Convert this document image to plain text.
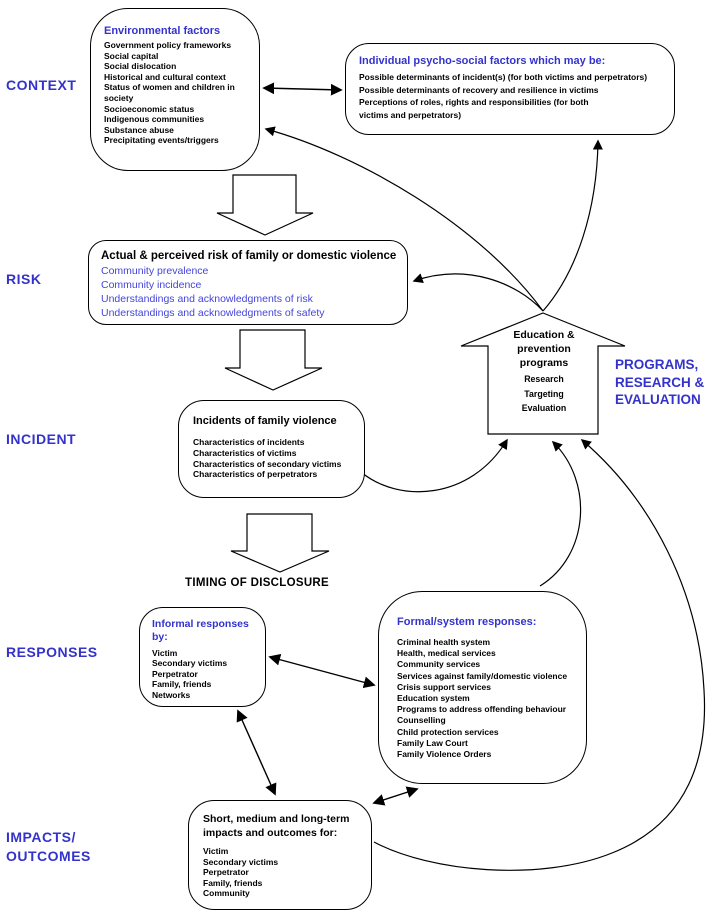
CONTEXT
RISK
INCIDENT
RESPONSES
IMPACTS/
OUTCOMES
Environmental factors
Government policy frameworks
Social capital
Social dislocation
Historical and cultural context
Status of women and children in society
Socioeconomic status
Indigenous communities
Substance abuse
Precipitating events/triggers
Individual psycho-social factors which may be:
Possible determinants of incident(s) (for both victims and perpetrators)
Possible determinants of recovery and resilience in victims
Perceptions of roles, rights and responsibilities (for both
victims and perpetrators)
Actual & perceived risk of family or domestic violence
Community prevalence
Community incidence
Understandings and acknowledgments of risk
Understandings and acknowledgments of safety
Incidents of family violence
Characteristics of incidents
Characteristics of victims
Characteristics of secondary victims
Characteristics of perpetrators
Informal responses by:
Victim
Secondary victims
Perpetrator
Family, friends
Networks
Formal/system responses:
Criminal health system
Health, medical services
Community services
Services against family/domestic violence
Crisis support services
Education system
Programs to address offending behaviour
Counselling
Child protection services
Family Law Court
Family Violence Orders
Short, medium and long-term impacts and outcomes for:
Victim
Secondary victims
Perpetrator
Family, friends
Community
Education & prevention programs
Research
Targeting
Evaluation
PROGRAMS,
RESEARCH &
EVALUATION
TIMING OF DISCLOSURE
